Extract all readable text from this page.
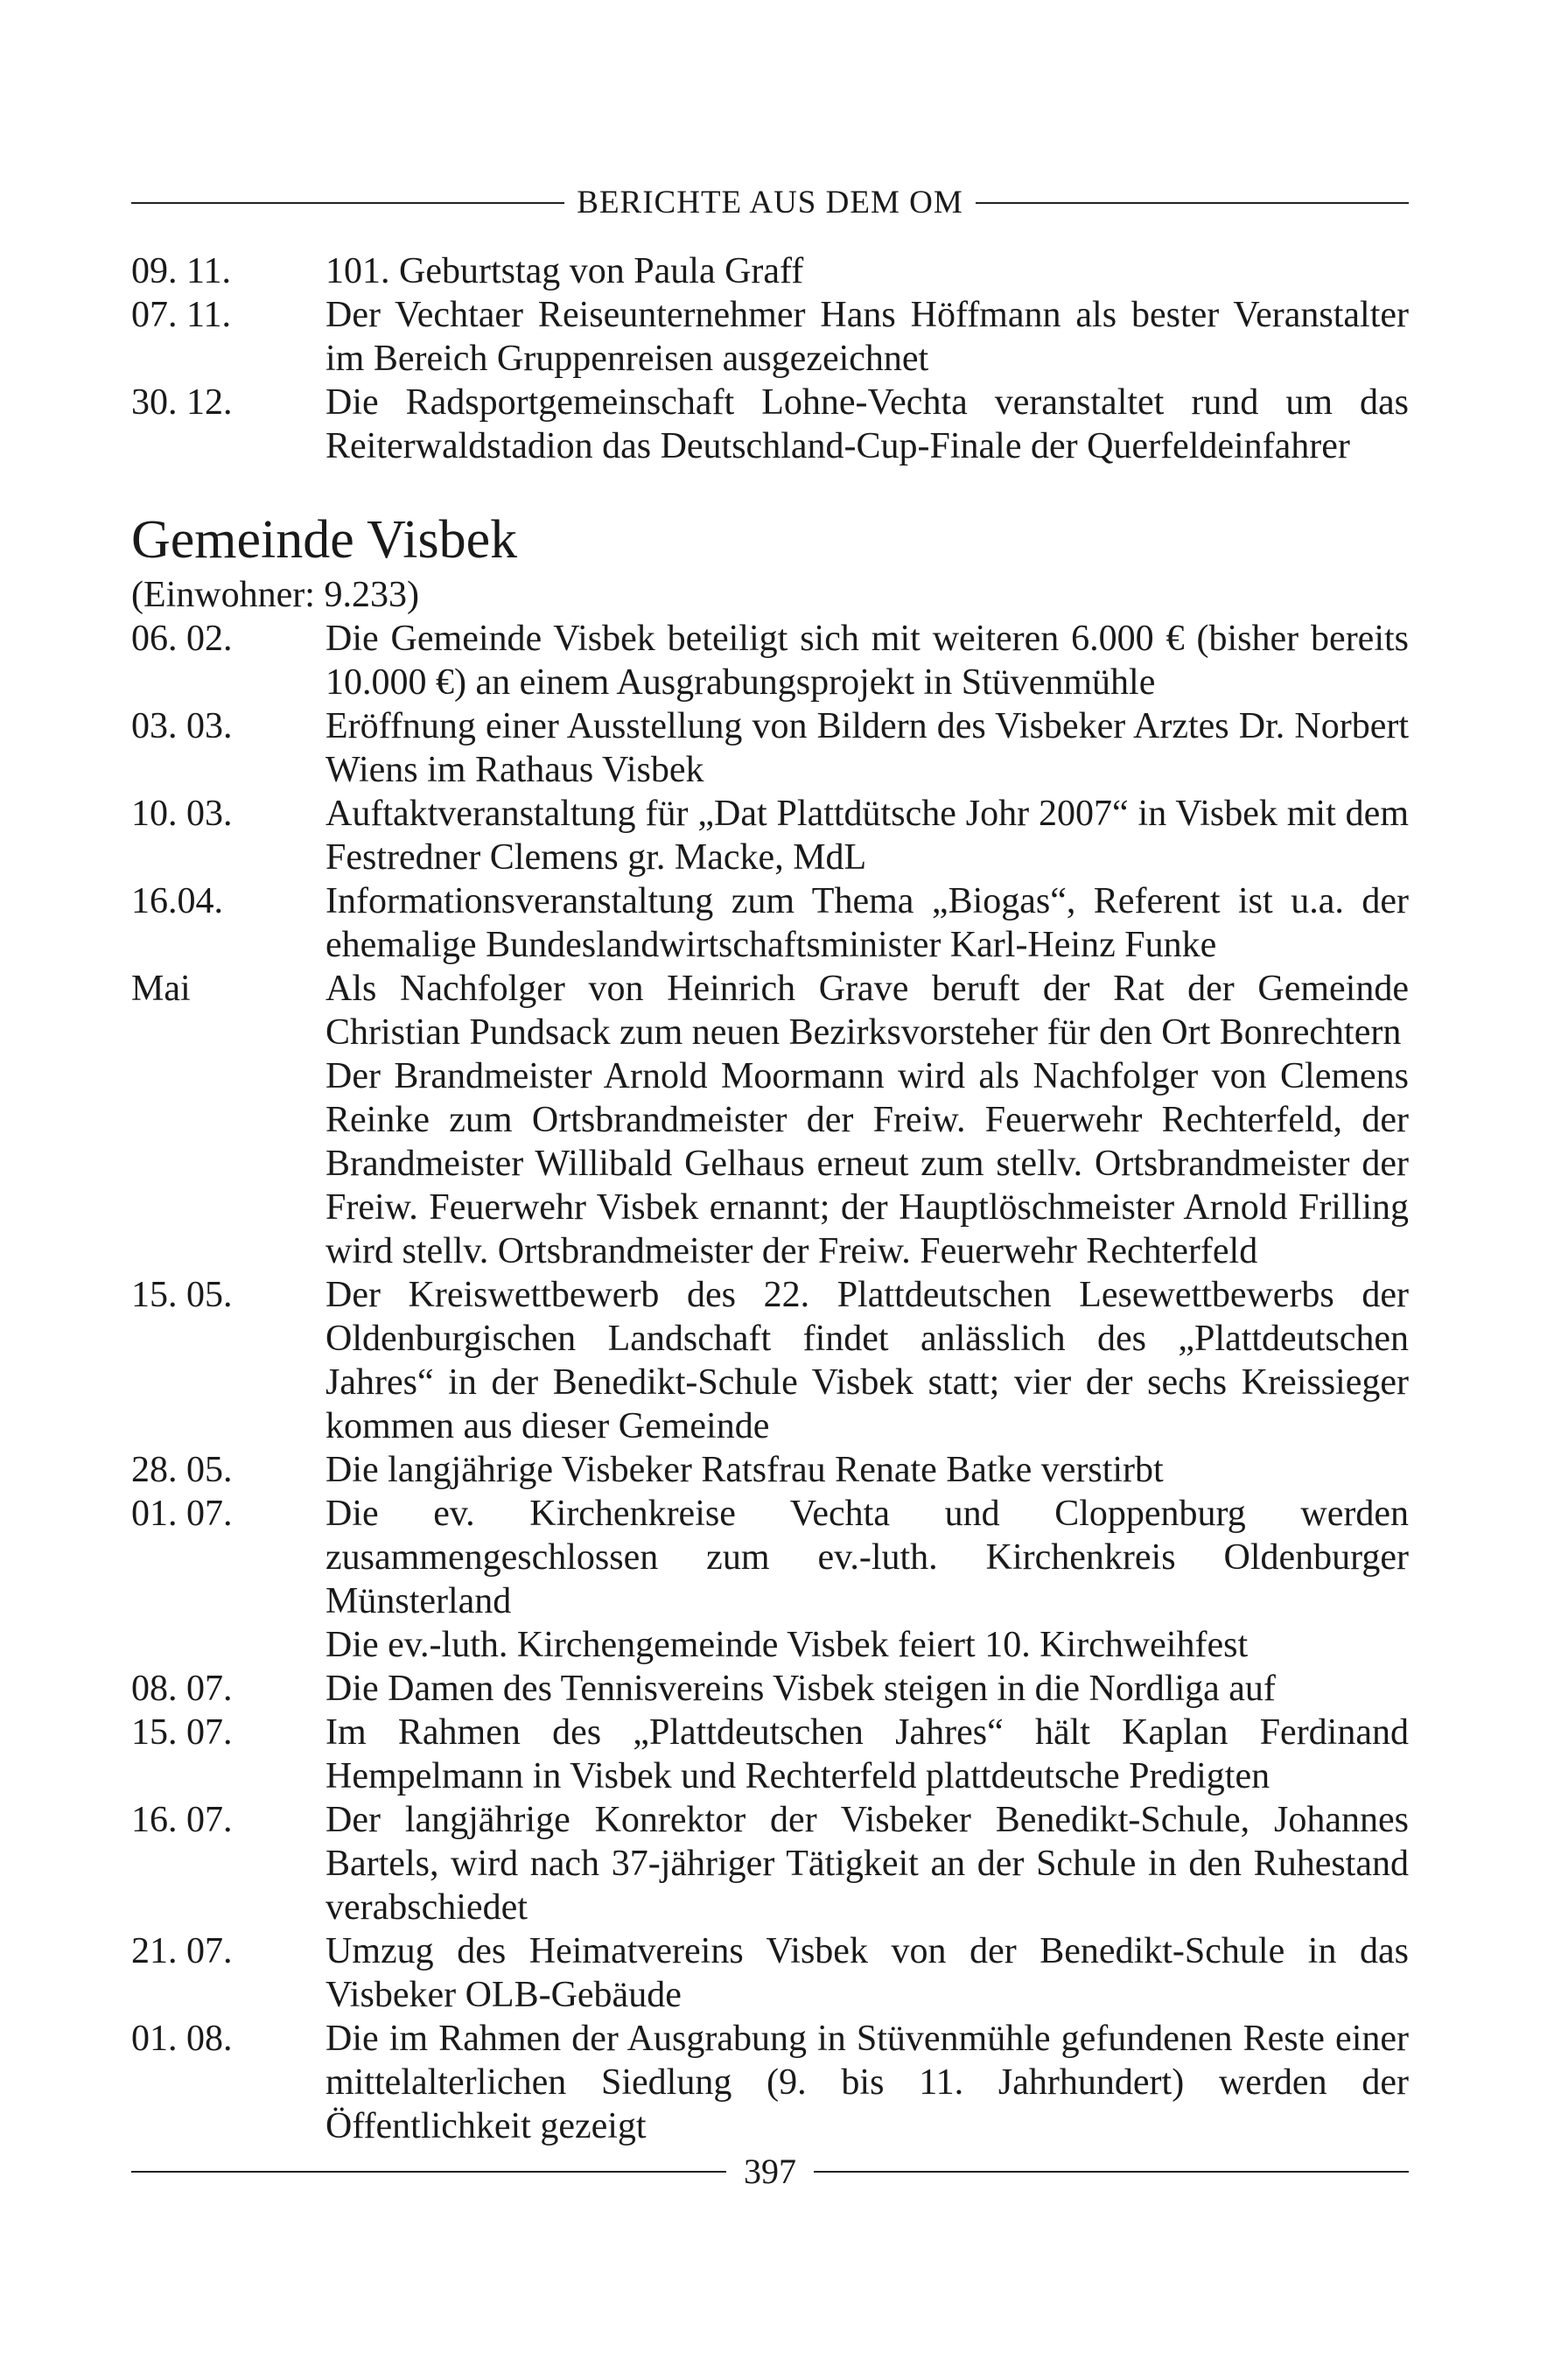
BERICHTE AUS DEM OM
09. 11.	101. Geburtstag von Paula Graff
07. 11.	Der Vechtaer Reiseunternehmer Hans Höffmann als bester Veranstalter im Bereich Gruppenreisen ausgezeichnet
30. 12.	Die Radsportgemeinschaft Lohne-Vechta veranstaltet rund um das Reiterwaldstadion das Deutschland-Cup-Finale der Querfeldeinfahrer
Gemeinde Visbek

(Einwohner: 9.233)

06. 02.	Die Gemeinde Visbek beteiligt sich mit weiteren 6.000 € (bisher bereits 10.000 €) an einem Ausgrabungsprojekt in Stüvenmühle
03. 03.	Eröffnung einer Ausstellung von Bildern des Visbeker Arztes Dr. Norbert Wiens im Rathaus Visbek
10. 03.	Auftaktveranstaltung für „Dat Plattdütsche Johr 2007“ in Visbek mit dem Festredner Clemens gr. Macke, MdL
16.04.	Informationsveranstaltung zum Thema „Biogas“, Referent ist u.a. der ehemalige Bundeslandwirtschaftsminister Karl-Heinz Funke
Mai	Als Nachfolger von Heinrich Grave beruft der Rat der Gemeinde Christian Pundsack zum neuen Bezirksvorsteher für den Ort Bonrechtern
Der Brandmeister Arnold Moormann wird als Nachfolger von Clemens Reinke zum Ortsbrandmeister der Freiw. Feuerwehr Rechterfeld, der Brandmeister Willibald Gelhaus erneut zum stellv. Ortsbrandmeister der Freiw. Feuerwehr Visbek ernannt; der Hauptlöschmeister Arnold Frilling wird stellv. Ortsbrandmeister der Freiw. Feuerwehr Rechterfeld
15. 05.	Der Kreiswettbewerb des 22. Plattdeutschen Lesewettbewerbs der Oldenburgischen Landschaft findet anlässlich des „Plattdeutschen Jahres“ in der Benedikt-Schule Visbek statt; vier der sechs Kreissieger kommen aus dieser Gemeinde
28. 05.	Die langjährige Visbeker Ratsfrau Renate Batke verstirbt
01. 07.	Die ev. Kirchenkreise Vechta und Cloppenburg werden zusammengeschlossen zum ev.-luth. Kirchenkreis Oldenburger Münsterland
Die ev.-luth. Kirchengemeinde Visbek feiert 10. Kirchweihfest
08. 07.	Die Damen des Tennisvereins Visbek steigen in die Nordliga auf
15. 07.	Im Rahmen des „Plattdeutschen Jahres“ hält Kaplan Ferdinand Hempelmann in Visbek und Rechterfeld plattdeutsche Predigten
16. 07.	Der langjährige Konrektor der Visbeker Benedikt-Schule, Johannes Bartels, wird nach 37-jähriger Tätigkeit an der Schule in den Ruhestand verabschiedet
21. 07.	Umzug des Heimatvereins Visbek von der Benedikt-Schule in das Visbeker OLB-Gebäude
01. 08.	Die im Rahmen der Ausgrabung in Stüvenmühle gefundenen Reste einer mittelalterlichen Siedlung (9. bis 11. Jahrhundert) werden der Öffentlichkeit gezeigt
397
